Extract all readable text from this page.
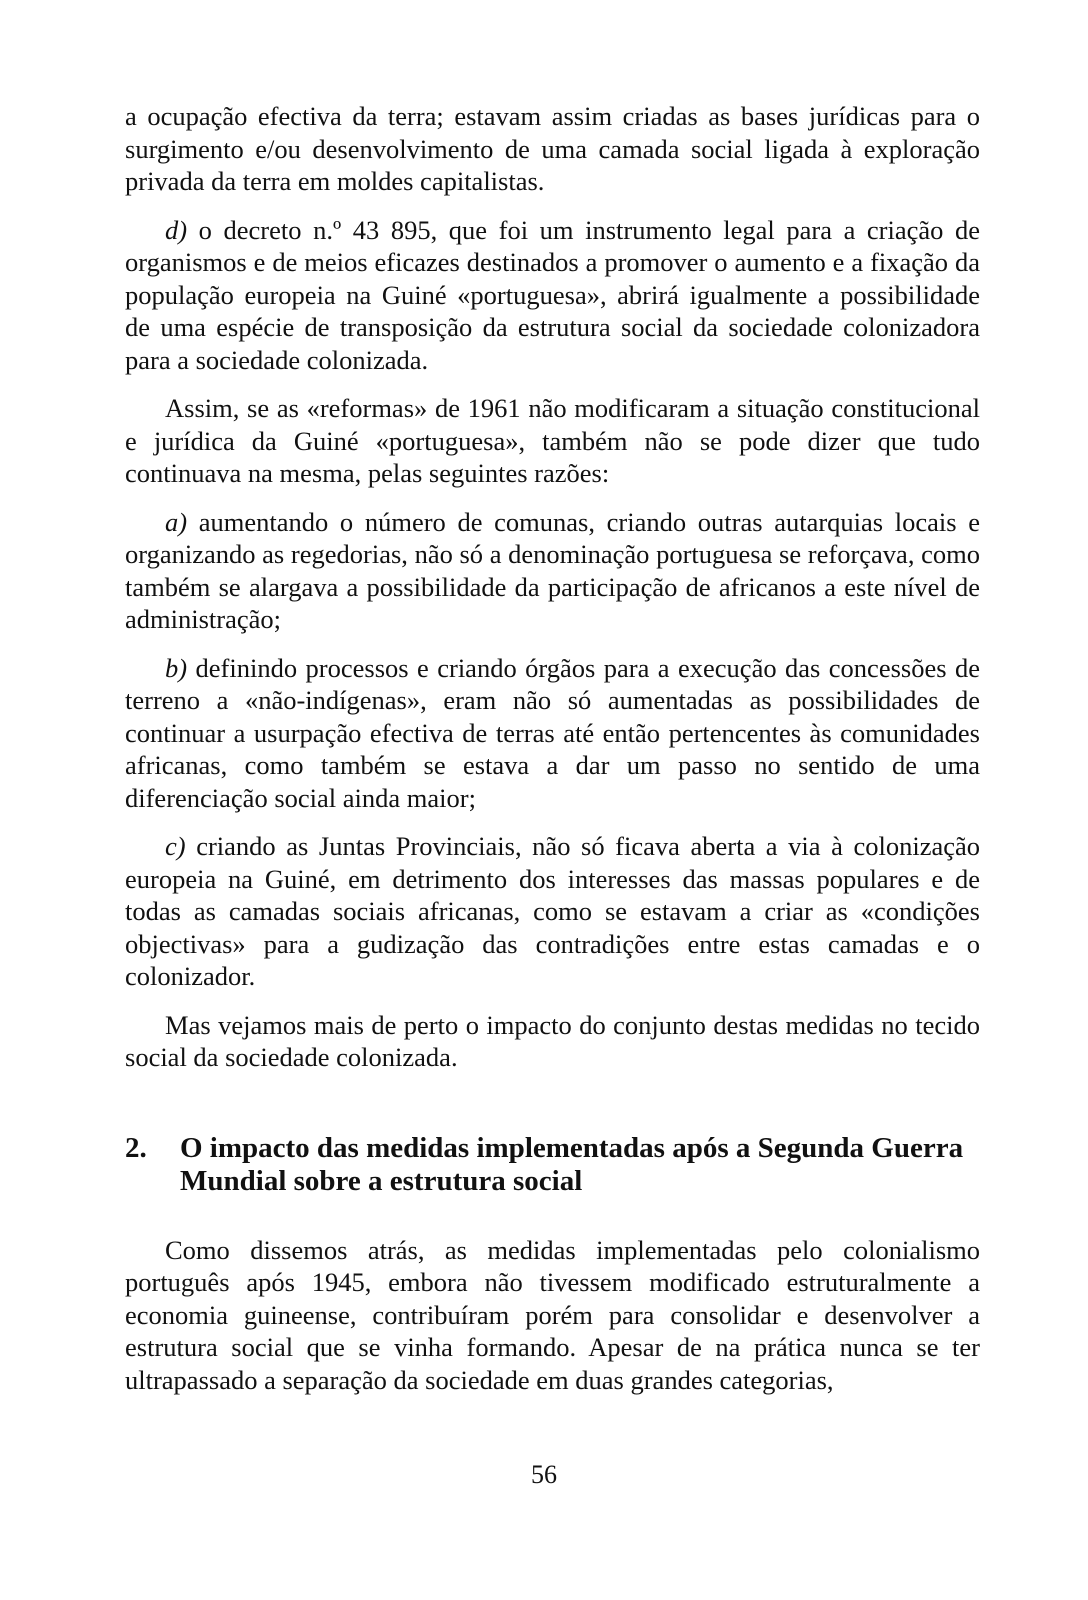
a ocupação efectiva da terra; estavam assim criadas as bases jurídicas para o surgimento e/ou desenvolvimento de uma camada social ligada à exploração privada da terra em moldes capitalistas.

d) o decreto n.º 43 895, que foi um instrumento legal para a criação de organismos e de meios eficazes destinados a promover o aumento e a fixação da população europeia na Guiné «portuguesa», abrirá igualmente a possibilidade de uma espécie de transposição da estrutura social da sociedade colonizadora para a sociedade colonizada.

Assim, se as «reformas» de 1961 não modificaram a situação constitucional e jurídica da Guiné «portuguesa», também não se pode dizer que tudo continuava na mesma, pelas seguintes razões:

a) aumentando o número de comunas, criando outras autarquias locais e organizando as regedorias, não só a denominação portuguesa se reforçava, como também se alargava a possibilidade da participação de africanos a este nível de administração;

b) definindo processos e criando órgãos para a execução das concessões de terreno a «não-indígenas», eram não só aumentadas as possibilidades de continuar a usurpação efectiva de terras até então pertencentes às comunidades africanas, como também se estava a dar um passo no sentido de uma diferenciação social ainda maior;

c) criando as Juntas Provinciais, não só ficava aberta a via à colonização europeia na Guiné, em detrimento dos interesses das massas populares e de todas as camadas sociais africanas, como se estavam a criar as «condições objectivas» para a gudização das contradições entre estas camadas e o colonizador.

Mas vejamos mais de perto o impacto do conjunto destas medidas no tecido social da sociedade colonizada.

2.	O impacto das medidas implementadas após a Segunda Guerra Mundial sobre a estrutura social

Como dissemos atrás, as medidas implementadas pelo colonialismo português após 1945, embora não tivessem modificado estruturalmente a economia guineense, contribuíram porém para consolidar e desenvolver a estrutura social que se vinha formando. Apesar de na prática nunca se ter ultrapassado a separação da sociedade em duas grandes categorias,

56
